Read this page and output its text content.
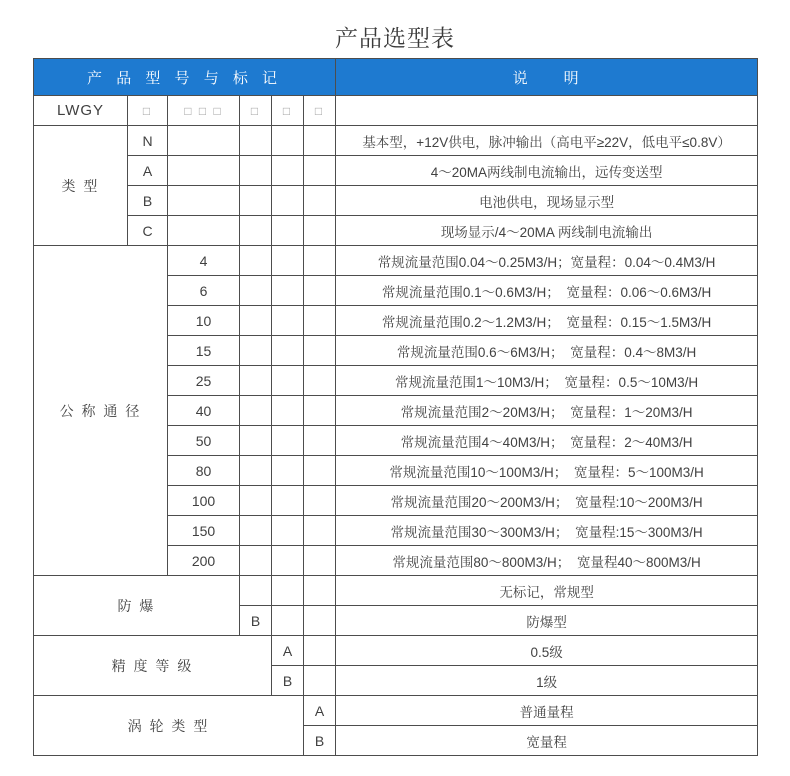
产品选型表
产 品 型 号 与 标 记						说　　明
LWGY	□	□ □ □	□	□	□	
类 型	N					基本型，+12V供电，脉冲输出（高电平≥22V，低电平≤0.8V）
	A					4～20MA两线制电流输出，远传变送型
	B					电池供电，现场显示型
	C					现场显示/4～20MA 两线制电流输出
公 称 通 径		4				常规流量范围0.04～0.25M3/H；宽量程：0.04～0.4M3/H
		6				常规流量范围0.1～0.6M3/H；　宽量程：0.06～0.6M3/H
		10				常规流量范围0.2～1.2M3/H；　宽量程：0.15～1.5M3/H
		15				常规流量范围0.6～6M3/H；　宽量程：0.4～8M3/H
		25				常规流量范围1～10M3/H；　宽量程：0.5～10M3/H
		40				常规流量范围2～20M3/H；　宽量程：1～20M3/H
		50				常规流量范围4～40M3/H；　宽量程：2～40M3/H
		80				常规流量范围10～100M3/H；　宽量程：5～100M3/H
		100				常规流量范围20～200M3/H；　宽量程:10～200M3/H
		150				常规流量范围30～300M3/H；　宽量程:15～300M3/H
		200				常规流量范围80～800M3/H；　宽量程40～800M3/H
防 爆						无标记，常规型
			B			防爆型
精 度 等 级				A		0.5级
				B		1级
涡 轮 类 型					A	普通量程
					B	宽量程
